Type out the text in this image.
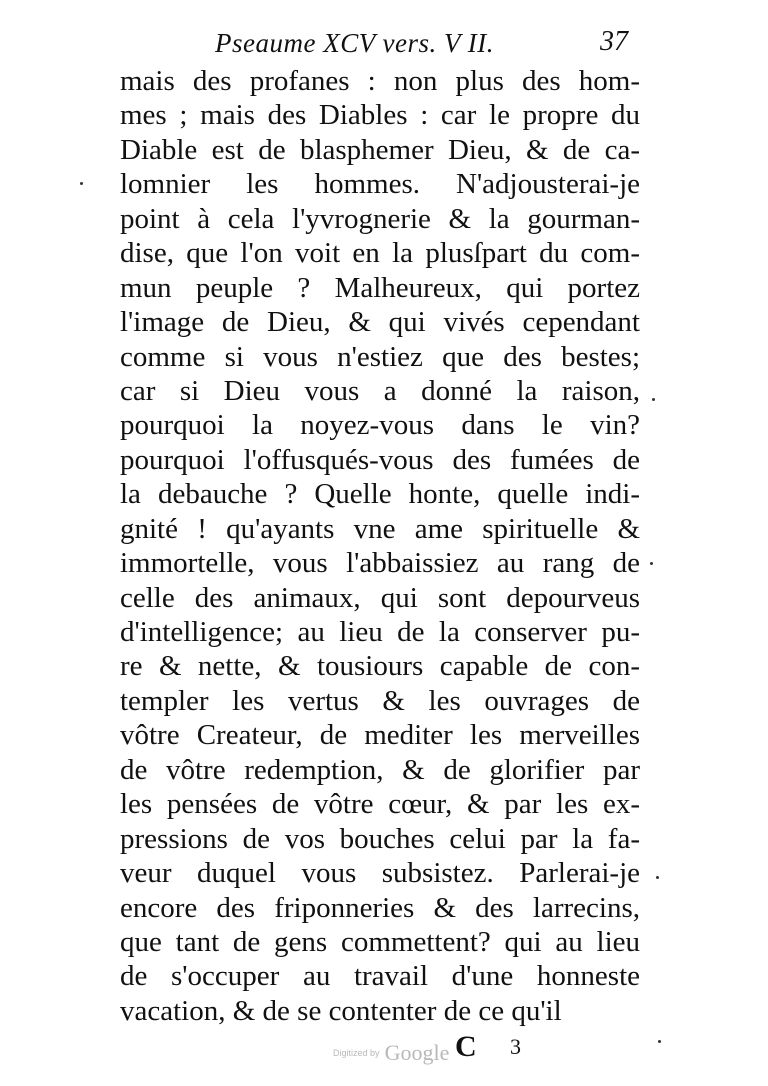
Pseaume XCV vers. V II.	37
mais des profanes : non plus des hom-
mes ; mais des Diables : car le propre du
Diable est de blasphemer Dieu, & de ca-
lomnier les hommes. N'adjousterai-je
point à cela l'yvrognerie & la gourman-
dise, que l'on voit en la plusſpart du com-
mun peuple ? Malheureux, qui portez
l'image de Dieu, & qui vivés cependant
comme si vous n'estiez que des bestes;
car si Dieu vous a donné la raison,
pourquoi la noyez-vous dans le vin?
pourquoi l'offusqués-vous des fumées de
la debauche ? Quelle honte, quelle indi-
gnité ! qu'ayants vne ame spirituelle &
immortelle, vous l'abbaissiez au rang de
celle des animaux, qui sont depourveus
d'intelligence; au lieu de la conserver pu-
re & nette, & tousiours capable de con-
templer les vertus & les ouvrages de
vôtre Createur, de mediter les merveilles
de vôtre redemption, & de glorifier par
les pensées de vôtre cœur, & par les ex-
pressions de vos bouches celui par la fa-
veur duquel vous subsistez. Parlerai-je
encore des friponneries & des larrecins,
que tant de gens commettent? qui au lieu
de s'occuper au travail d'une honneste
vacation, & de se contenter de ce qu'il
C 3
Digitized by Google
